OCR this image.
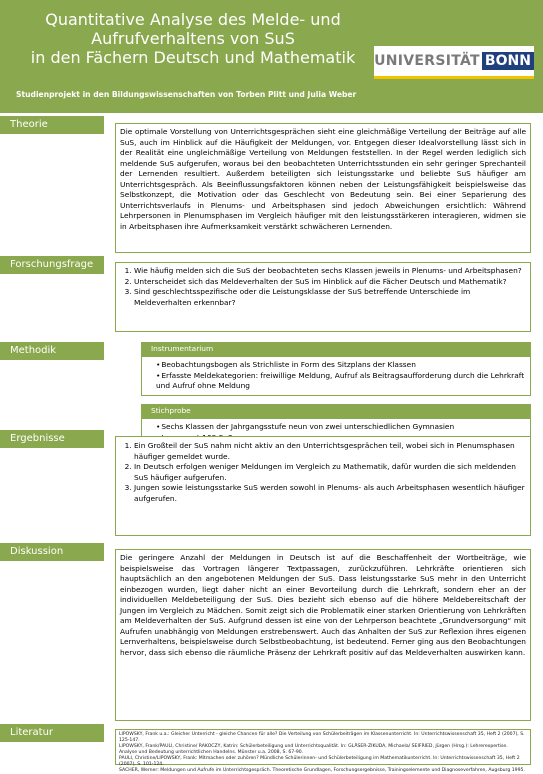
Quantitative Analyse des Melde- und
Aufrufverhaltens von SuS
in den Fächern Deutsch und Mathematik
Studienprojekt in den Bildungswissenschaften von Torben Plitt und Julia Weber
UNIVERSITÄT BONN
Theorie

Die optimale Vorstellung von Unterrichtsgesprächen sieht eine gleichmäßige Verteilung der Beiträge auf alle SuS, auch im Hinblick auf die Häufigkeit der Meldungen, vor. Entgegen dieser Idealvorstellung lässt sich in der Realität eine ungleichmäßige Verteilung von Meldungen feststellen. In der Regel werden lediglich sich meldende SuS aufgerufen, woraus bei den beobachteten Unterrichtsstunden ein sehr geringer Sprechanteil der Lernenden resultiert. Außerdem beteiligten sich leistungsstarke und beliebte SuS häufiger am Unterrichtsgespräch. Als Beeinflussungsfaktoren können neben der Leistungsfähigkeit beispielsweise das Selbstkonzept, die Motivation oder das Geschlecht von Bedeutung sein. Bei einer Separierung des Unterrichtsverlaufs in Plenums- und Arbeitsphasen sind jedoch Abweichungen ersichtlich: Während Lehrpersonen in Plenumsphasen im Vergleich häufiger mit den leistungsstärkeren interagieren, widmen sie in Arbeitsphasen ihre Aufmerksamkeit verstärkt schwächeren Lernenden.

Forschungsfrage
1. Wie häufig melden sich die SuS der beobachteten sechs Klassen jeweils in Plenums- und Arbeitsphasen?
2. Unterscheidet sich das Meldeverhalten der SuS im Hinblick auf die Fächer Deutsch und Mathematik?
3. Sind geschlechtsspezifische oder die Leistungsklasse der SuS betreffende Unterschiede im Meldeverhalten erkennbar?
Methodik	Instrumentarium
• Beobachtungsbogen als Strichliste in Form des Sitzplans der Klassen
• Erfasste Meldekategorien: freiwillige Meldung, Aufruf als Beitragsaufforderung durch die Lehrkraft und Aufruf ohne Meldung
Stichprobe
• Sechs Klassen der Jahrgangsstufe neun von zwei unterschiedlichen Gymnasien
•
Ergebnisse
1. Ein Großteil der SuS nahm nicht aktiv an den Unterrichtsgesprächen teil, wobei sich in Plenumsphasen häufiger gemeldet wurde.
2. In Deutsch erfolgen weniger Meldungen im Vergleich zu Mathematik, dafür wurden die sich meldenden SuS häufiger aufgerufen.
3. Jungen sowie leistungsstarke SuS werden sowohl in Plenums- als auch Arbeitsphasen wesentlich häufiger aufgerufen.
Diskussion

Die geringere Anzahl der Meldungen in Deutsch ist auf die Beschaffenheit der Wortbeiträge, wie beispielsweise das Vortragen längerer Textpassagen, zurückzuführen. Lehrkräfte orientieren sich hauptsächlich an den angebotenen Meldungen der SuS. Dass leistungsstarke SuS mehr in den Unterricht einbezogen wurden, liegt daher nicht an einer Bevorteilung durch die Lehrkraft, sondern eher an der individuellen Meldebeteiligung der SuS. Dies bezieht sich ebenso auf die höhere Meldebereitschaft der Jungen im Vergleich zu Mädchen. Somit zeigt sich die Problematik einer starken Orientierung von Lehrkräften am Meldeverhalten der SuS. Aufgrund dessen ist eine von der Lehrperson beachtete „Grundversorgung“ mit Aufrufen unabhängig von Meldungen erstrebenswert. Auch das Anhalten der SuS zur Reflexion ihres eigenen Lernverhaltens, beispielsweise durch Selbstbeobachtung, ist bedeutend. Ferner ging aus den Beobachtungen hervor, dass sich ebenso die räumliche Präsenz der Lehrkraft positiv auf das Meldeverhalten auswirken kann.

Literatur	LIPOWSKY, Frank u.a.: Gleicher Unterricht - gleiche Chancen für alle? Die Verteilung von Schülerbeiträgen im Klassenunterricht. In: Unterrichtswissenschaft 35, Heft 2 (2007), S. 125-147.
LIPOWSKY, Frank/PAULI, Christine/ RAKOCZY, Katrin: Schülerbeteiligung und Unterrichtsqualität. In: GLÄSER-ZIKUDA, Michaela/ SEIFRIED, Jürgen (Hrsg.): Lehrerexpertise. Analyse und Bedeutung unterrichtlichen Handelns. Münster u.a. 2008, S. 67-90.
PAULI, Christine/LIPOWSKY, Frank: Mitmachen oder zuhören? Mündliche Schülerinnen- und Schülerbeteiligung im Mathematikunterricht. In: Unterrichtswissenschaft 35, Heft 2 (2007), S. 101-124.
SACHER, Werner: Meldungen und Aufrufe im Unterrichtsgespräch. Theoretische Grundlagen, Forschungsergebnisse, Trainingselemente und Diagnoseverfahren, Augsburg 1995.
